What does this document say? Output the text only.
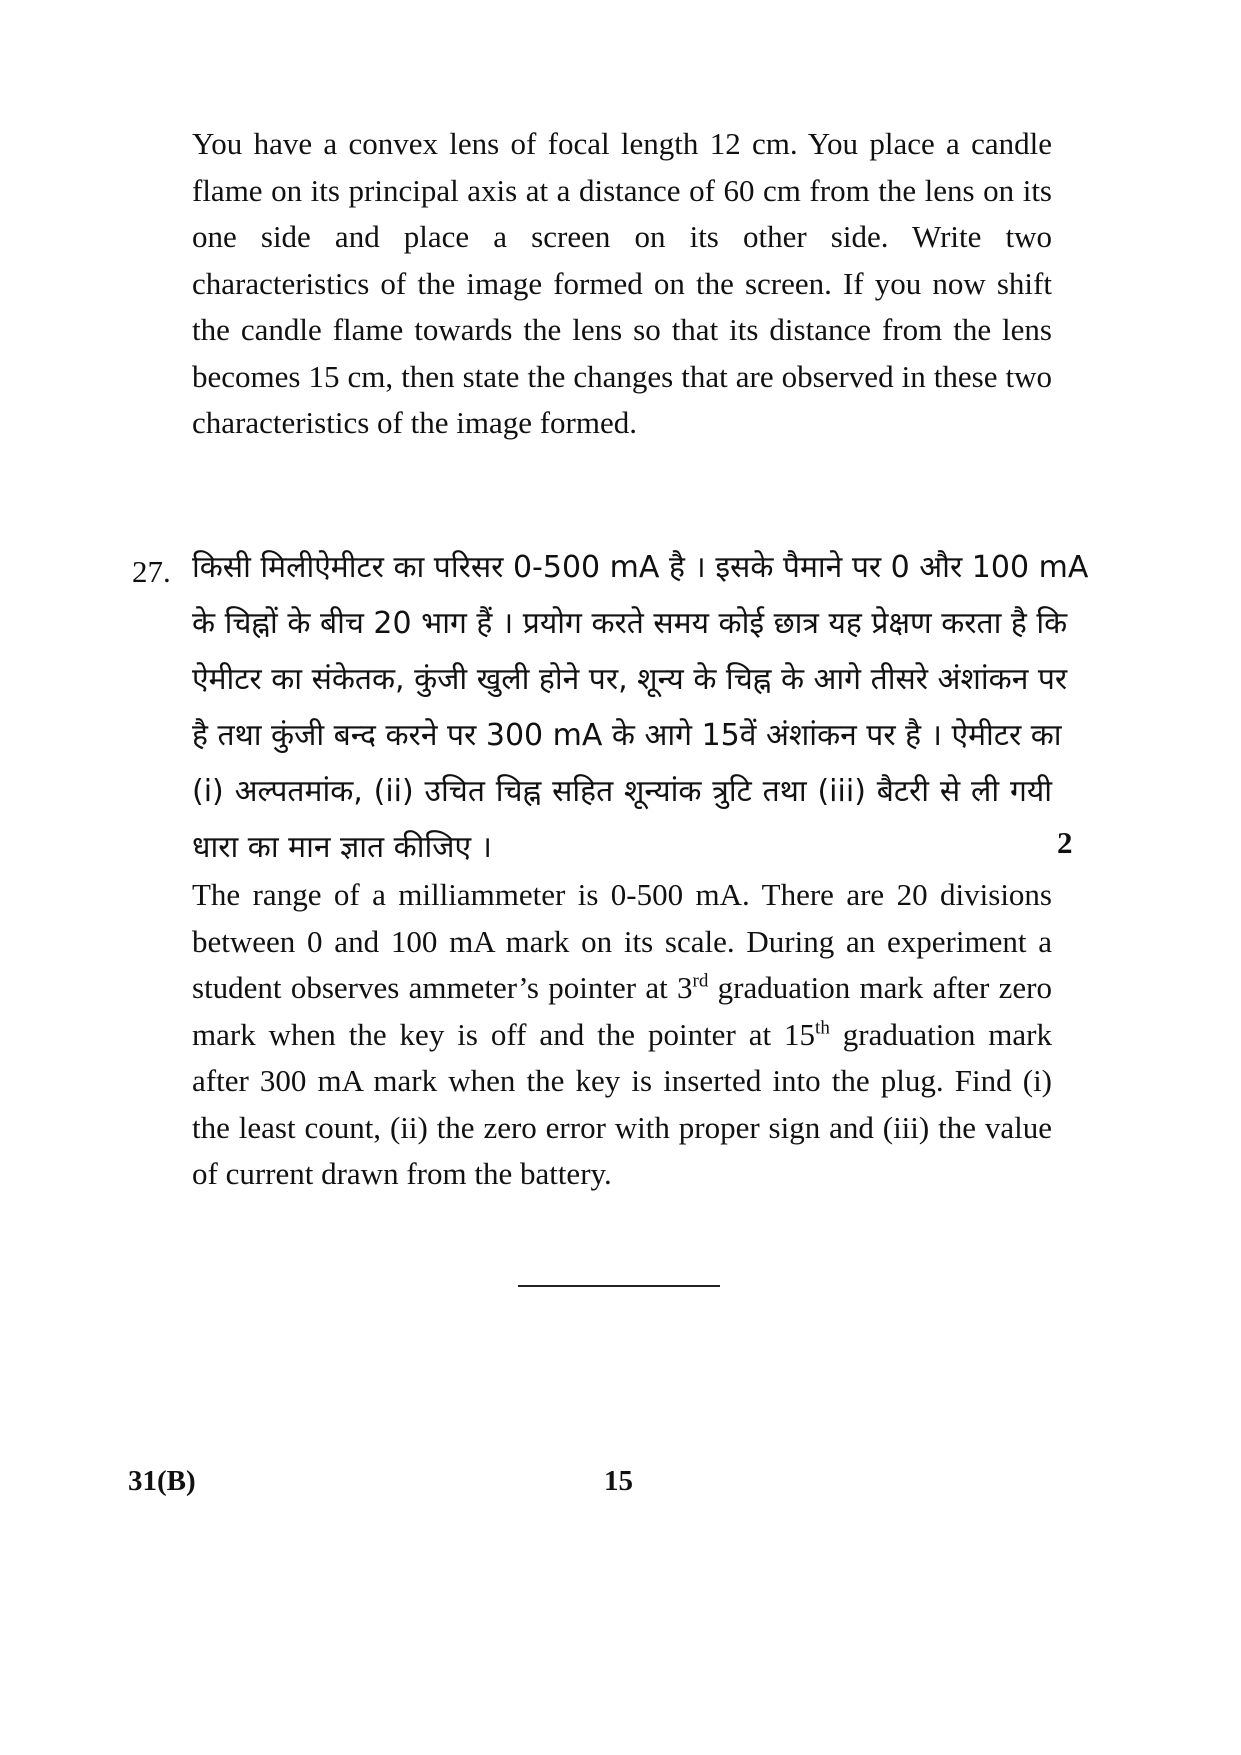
You have a convex lens of focal length 12 cm. You place a candle flame on its principal axis at a distance of 60 cm from the lens on its one side and place a screen on its other side. Write two characteristics of the image formed on the screen. If you now shift the candle flame towards the lens so that its distance from the lens becomes 15 cm, then state the changes that are observed in these two characteristics of the image formed.

27. किसी मिलीऐमीटर का परिसर 0-500 mA है । इसके पैमाने पर 0 और 100 mA
के चिह्नों के बीच 20 भाग हैं । प्रयोग करते समय कोई छात्र यह प्रेक्षण करता है कि
ऐमीटर का संकेतक, कुंजी खुली होने पर, शून्य के चिह्न के आगे तीसरे अंशांकन पर
है तथा कुंजी बन्द करने पर 300 mA के आगे 15वें अंशांकन पर है । ऐमीटर का
(i) अल्पतमांक, (ii) उचित चिह्न सहित शून्यांक त्रुटि तथा (iii) बैटरी से ली गयी
धारा का मान ज्ञात कीजिए ।	2

The range of a milliammeter is 0-500 mA. There are 20 divisions between 0 and 100 mA mark on its scale. During an experiment a student observes ammeter’s pointer at 3rd graduation mark after zero mark when the key is off and the pointer at 15th graduation mark after 300 mA mark when the key is inserted into the plug. Find (i) the least count, (ii) the zero error with proper sign and (iii) the value of current drawn from the battery.

31(B)	15
